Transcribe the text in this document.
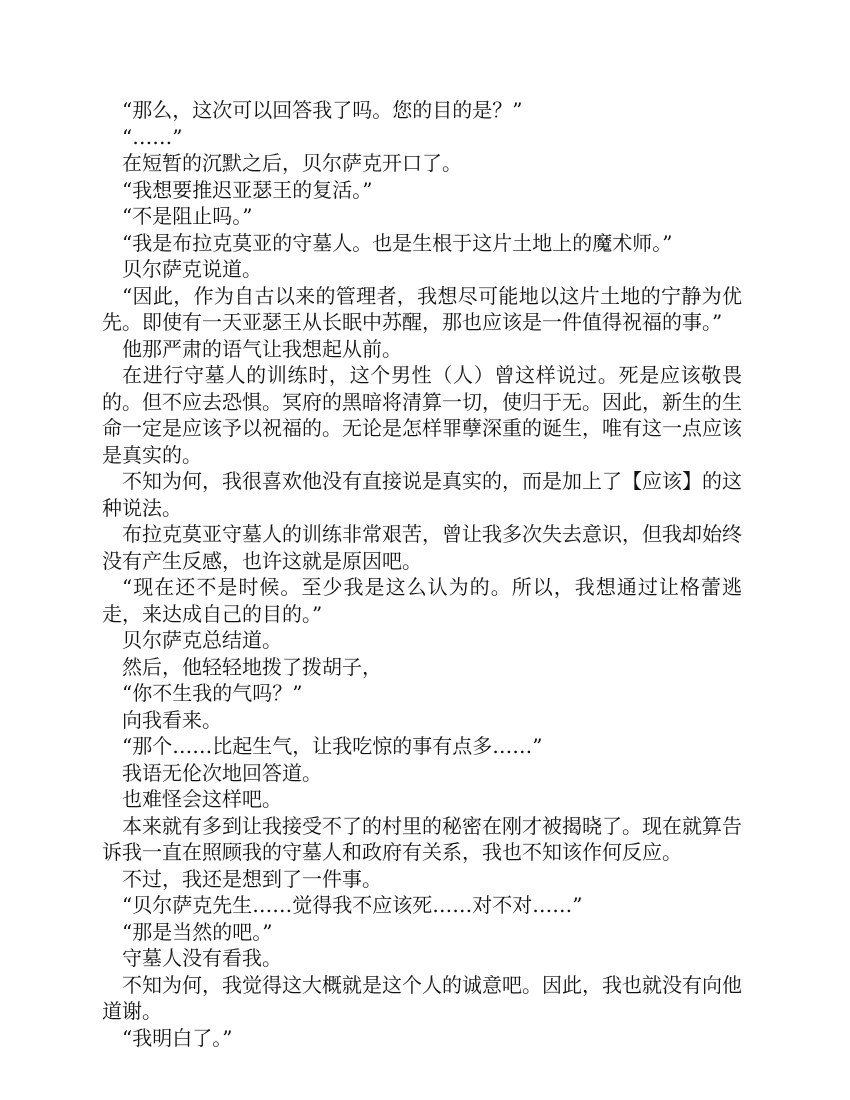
“那么，这次可以回答我了吗。您的目的是？”

“……”

在短暂的沉默之后，贝尔萨克开口了。

“我想要推迟亚瑟王的复活。”

“不是阻止吗。”

“我是布拉克莫亚的守墓人。也是生根于这片土地上的魔术师。”

贝尔萨克说道。

“因此，作为自古以来的管理者，我想尽可能地以这片土地的宁静为优先。即使有一天亚瑟王从长眠中苏醒，那也应该是一件值得祝福的事。”

他那严肃的语气让我想起从前。

在进行守墓人的训练时，这个男性（人）曾这样说过。死是应该敬畏的。但不应去恐惧。冥府的黑暗将清算一切，使归于无。因此，新生的生命一定是应该予以祝福的。无论是怎样罪孽深重的诞生，唯有这一点应该是真实的。

不知为何，我很喜欢他没有直接说是真实的，而是加上了【应该】的这种说法。

布拉克莫亚守墓人的训练非常艰苦，曾让我多次失去意识，但我却始终没有产生反感，也许这就是原因吧。

“现在还不是时候。至少我是这么认为的。所以，我想通过让格蕾逃走，来达成自己的目的。”

贝尔萨克总结道。

然后，他轻轻地拨了拨胡子，

“你不生我的气吗？”

向我看来。

“那个……比起生气，让我吃惊的事有点多……”

我语无伦次地回答道。

也难怪会这样吧。

本来就有多到让我接受不了的村里的秘密在刚才被揭晓了。现在就算告诉我一直在照顾我的守墓人和政府有关系，我也不知该作何反应。

不过，我还是想到了一件事。

“贝尔萨克先生……觉得我不应该死……对不对……”

“那是当然的吧。”

守墓人没有看我。

不知为何，我觉得这大概就是这个人的诚意吧。因此，我也就没有向他道谢。

“我明白了。”
